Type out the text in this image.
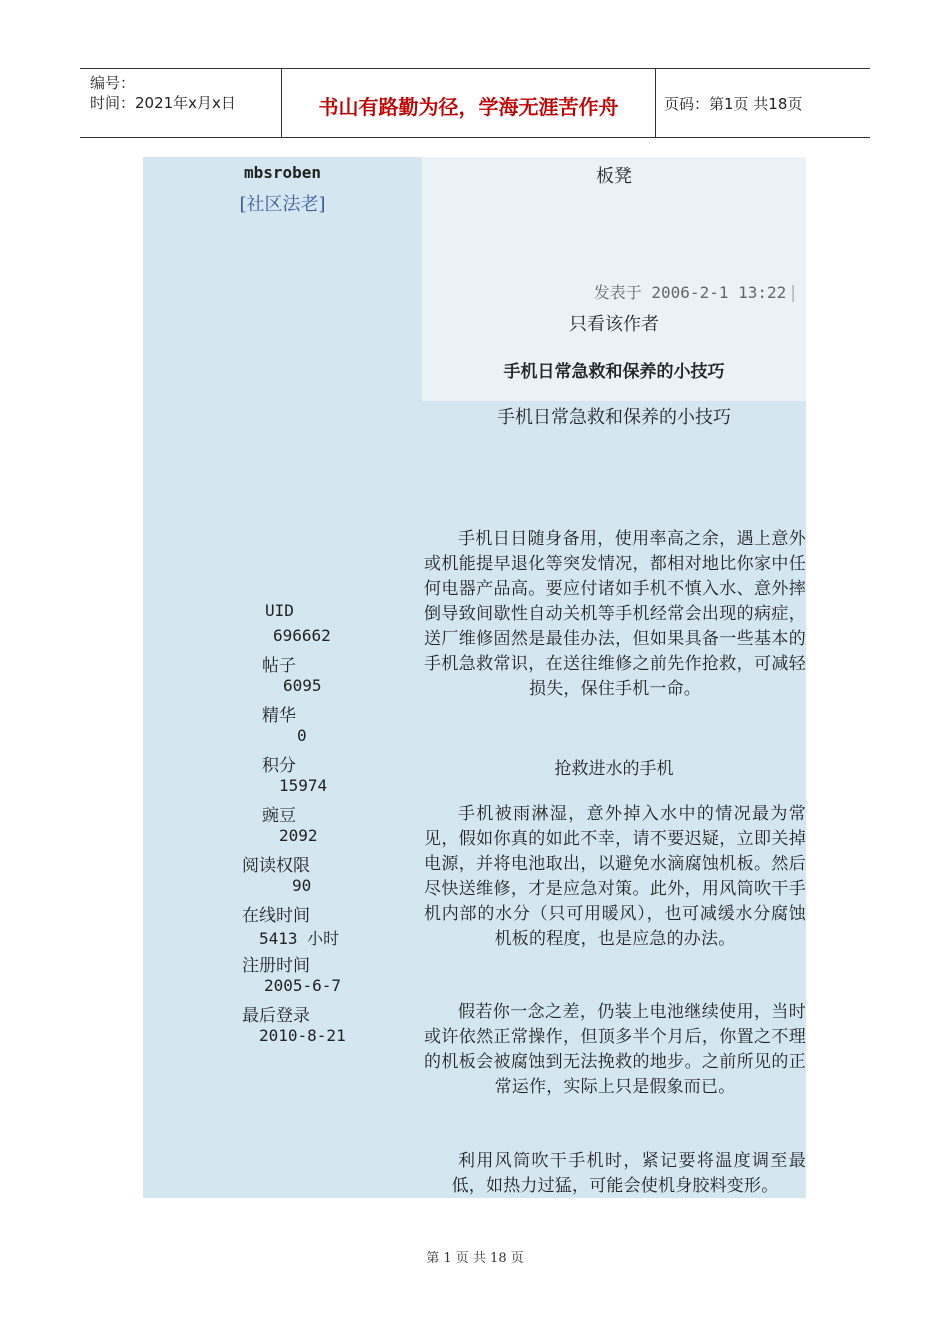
编号：
时间：2021年x月x日	书山有路勤为径，学海无涯苦作舟	页码：第1页 共18页
mbsroben
[社区法老]
UID
696662
帖子
6095
精华
0
积分
15974
豌豆
2092
阅读权限
90
在线时间
5413 小时
注册时间
2005-6-7
最后登录
2010-8-21
板凳
发表于 2006-2-1 13:22 |
只看该作者
手机日常急救和保养的小技巧
手机日常急救和保养的小技巧
手机日日随身备用，使用率高之余，遇上意外或机能提早退化等突发情况，都相对地比你家中任何电器产品高。要应付诸如手机不慎入水、意外摔倒导致间歇性自动关机等手机经常会出现的病症，送厂维修固然是最佳办法，但如果具备一些基本的手机急救常识，在送往维修之前先作抢救，可减轻损失，保住手机一命。
抢救进水的手机
手机被雨淋湿，意外掉入水中的情况最为常见，假如你真的如此不幸，请不要迟疑，立即关掉电源，并将电池取出，以避免水滴腐蚀机板。然后尽快送维修，才是应急对策。此外，用风筒吹干手机内部的水分（只可用暖风），也可减缓水分腐蚀机板的程度，也是应急的办法。
假若你一念之差，仍装上电池继续使用，当时或许依然正常操作，但顶多半个月后，你置之不理的机板会被腐蚀到无法挽救的地步。之前所见的正常运作，实际上只是假象而已。
利用风筒吹干手机时，紧记要将温度调至最低，如热力过猛，可能会使机身胶料变形。
第 1 页 共 18 页
